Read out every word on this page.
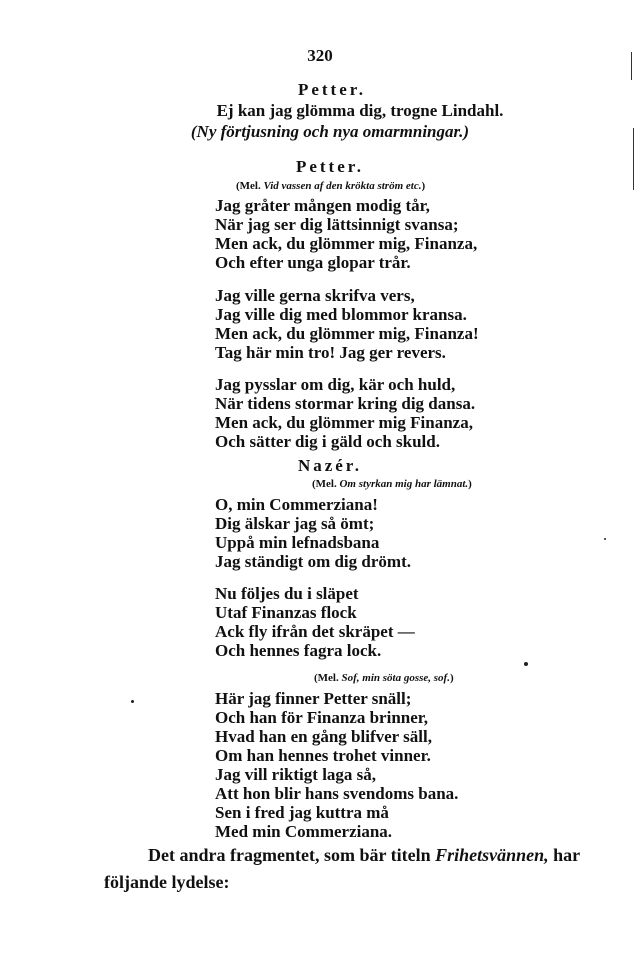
320
Petter.
Ej kan jag glömma dig, trogne Lindahl.
(Ny förtjusning och nya omarmningar.)
Petter.
(Mel. Vid vassen af den krökta ström etc.)
Jag gråter mången modig tår,
När jag ser dig lättsinnigt svansa;
Men ack, du glömmer mig, Finanza,
Och efter unga glopar trår.
Jag ville gerna skrifva vers,
Jag ville dig med blommor kransa.
Men ack, du glömmer mig, Finanza!
Tag här min tro! Jag ger revers.
Jag pysslar om dig, kär och huld,
När tidens stormar kring dig dansa.
Men ack, du glömmer mig Finanza,
Och sätter dig i gäld och skuld.
Nazér.
(Mel. Om styrkan mig har lämnat.)
O, min Commerziana!
Dig älskar jag så ömt;
Uppå min lefnadsbana
Jag ständigt om dig drömt.
Nu följes du i släpet
Utaf Finanzas flock
Ack fly ifrån det skräpet —
Och hennes fagra lock.
(Mel. Sof, min söta gosse, sof.)
Här jag finner Petter snäll;
Och han för Finanza brinner,
Hvad han en gång blifver säll,
Om han hennes trohet vinner.
Jag vill riktigt laga så,
Att hon blir hans svendoms bana.
Sen i fred jag kuttra må
Med min Commerziana.
Det andra fragmentet, som bär titeln Frihetsvännen, har följande lydelse:
